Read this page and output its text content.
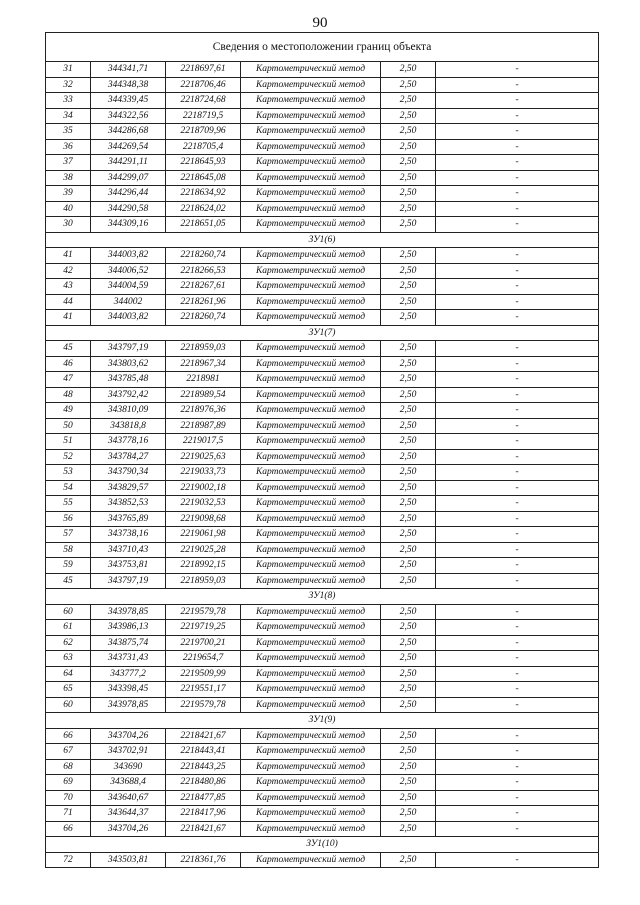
90
Сведения о местоположении границ объекта					
31	344341,71	2218697,61	Картометрический метод	2,50	-
32	344348,38	2218706,46	Картометрический метод	2,50	-
33	344339,45	2218724,68	Картометрический метод	2,50	-
34	344322,56	2218719,5	Картометрический метод	2,50	-
35	344286,68	2218709,96	Картометрический метод	2,50	-
36	344269,54	2218705,4	Картометрический метод	2,50	-
37	344291,11	2218645,93	Картометрический метод	2,50	-
38	344299,07	2218645,08	Картометрический метод	2,50	-
39	344296,44	2218634,92	Картометрический метод	2,50	-
40	344290,58	2218624,02	Картометрический метод	2,50	-
30	344309,16	2218651,05	Картометрический метод	2,50	-
ЗУ1(6)					
41	344003,82	2218260,74	Картометрический метод	2,50	-
42	344006,52	2218266,53	Картометрический метод	2,50	-
43	344004,59	2218267,61	Картометрический метод	2,50	-
44	344002	2218261,96	Картометрический метод	2,50	-
41	344003,82	2218260,74	Картометрический метод	2,50	-
ЗУ1(7)					
45	343797,19	2218959,03	Картометрический метод	2,50	-
46	343803,62	2218967,34	Картометрический метод	2,50	-
47	343785,48	2218981	Картометрический метод	2,50	-
48	343792,42	2218989,54	Картометрический метод	2,50	-
49	343810,09	2218976,36	Картометрический метод	2,50	-
50	343818,8	2218987,89	Картометрический метод	2,50	-
51	343778,16	2219017,5	Картометрический метод	2,50	-
52	343784,27	2219025,63	Картометрический метод	2,50	-
53	343790,34	2219033,73	Картометрический метод	2,50	-
54	343829,57	2219002,18	Картометрический метод	2,50	-
55	343852,53	2219032,53	Картометрический метод	2,50	-
56	343765,89	2219098,68	Картометрический метод	2,50	-
57	343738,16	2219061,98	Картометрический метод	2,50	-
58	343710,43	2219025,28	Картометрический метод	2,50	-
59	343753,81	2218992,15	Картометрический метод	2,50	-
45	343797,19	2218959,03	Картометрический метод	2,50	-
ЗУ1(8)					
60	343978,85	2219579,78	Картометрический метод	2,50	-
61	343986,13	2219719,25	Картометрический метод	2,50	-
62	343875,74	2219700,21	Картометрический метод	2,50	-
63	343731,43	2219654,7	Картометрический метод	2,50	-
64	343777,2	2219509,99	Картометрический метод	2,50	-
65	343398,45	2219551,17	Картометрический метод	2,50	-
60	343978,85	2219579,78	Картометрический метод	2,50	-
ЗУ1(9)					
66	343704,26	2218421,67	Картометрический метод	2,50	-
67	343702,91	2218443,41	Картометрический метод	2,50	-
68	343690	2218443,25	Картометрический метод	2,50	-
69	343688,4	2218480,86	Картометрический метод	2,50	-
70	343640,67	2218477,85	Картометрический метод	2,50	-
71	343644,37	2218417,96	Картометрический метод	2,50	-
66	343704,26	2218421,67	Картометрический метод	2,50	-
ЗУ1(10)					
72	343503,81	2218361,76	Картометрический метод	2,50	-
